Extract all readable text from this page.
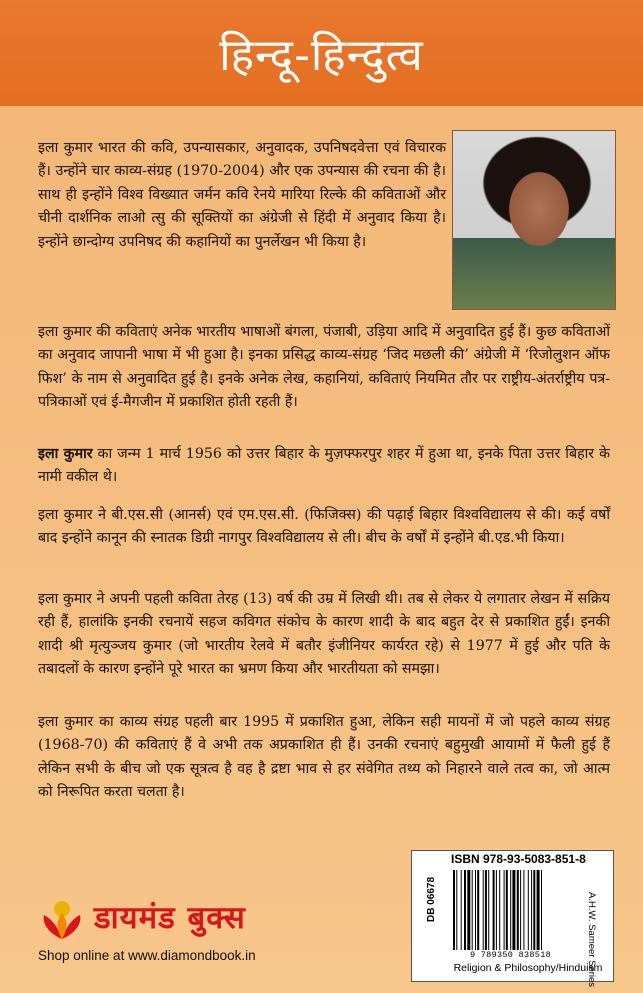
हिन्दू-हिन्दुत्व

इला कुमार भारत की कवि, उपन्यासकार, अनुवादक, उपनिषदवेत्ता एवं विचारक हैं। उन्होंने चार काव्य-संग्रह (1970-2004) और एक उपन्यास की रचना की है। साथ ही इन्होंने विश्व विख्यात जर्मन कवि रेनये मारिया रिल्के की कविताओं और चीनी दार्शनिक लाओ त्सु की सूक्तियों का अंग्रेजी से हिंदी में अनुवाद किया है। इन्होंने छान्दोग्य उपनिषद की कहानियों का पुनर्लेखन भी किया है।

इला कुमार की कविताएं अनेक भारतीय भाषाओं बंगला, पंजाबी, उड़िया आदि में अनुवादित हुई हैं। कुछ कविताओं का अनुवाद जापानी भाषा में भी हुआ है। इनका प्रसिद्ध काव्य-संग्रह ‘जिद मछली की’ अंग्रेजी में ‘रिजोलुशन ऑफ फिश’ के नाम से अनुवादित हुई है। इनके अनेक लेख, कहानियां, कविताएं नियमित तौर पर राष्ट्रीय-अंतर्राष्ट्रीय पत्र-पत्रिकाओं एवं ई-मैगजीन में प्रकाशित होती रहती हैं।

इला कुमार का जन्म 1 मार्च 1956 को उत्तर बिहार के मुज़फ्फरपुर शहर में हुआ था, इनके पिता उत्तर बिहार के नामी वकील थे।

इला कुमार ने बी.एस.सी (आनर्स) एवं एम.एस.सी. (फिजिक्स) की पढ़ाई बिहार विश्वविद्यालय से की। कई वर्षों बाद इन्होंने कानून की स्नातक डिग्री नागपुर विश्वविद्यालय से ली। बीच के वर्षों में इन्होंने बी.एड.भी किया।

इला कुमार ने अपनी पहली कविता तेरह (13) वर्ष की उम्र में लिखी थी। तब से लेकर ये लगातार लेखन में सक्रिय रही हैं, हालांकि इनकी रचनायें सहज कविगत संकोच के कारण शादी के बाद बहुत देर से प्रकाशित हुईं। इनकी शादी श्री मृत्युञ्जय कुमार (जो भारतीय रेलवे में बतौर इंजीनियर कार्यरत रहे) से 1977 में हुई और पति के तबादलों के कारण इन्होंने पूरे भारत का भ्रमण किया और भारतीयता को समझा।

इला कुमार का काव्य संग्रह पहली बार 1995 में प्रकाशित हुआ, लेकिन सही मायनों में जो पहले काव्य संग्रह (1968-70) की कविताएं हैं वे अभी तक अप्रकाशित ही हैं। उनकी रचनाएं बहुमुखी आयामों में फैली हुई हैं लेकिन सभी के बीच जो एक सूत्रत्व है वह है द्रष्टा भाव से हर संवेगित तथ्य को निहारने वाले तत्व का, जो आत्म को निरूपित करता चलता है।

डायमंड बुक्स
Shop online at www.diamondbook.in
ISBN 978-93-5083-851-8
DB 06678
9 789350 838518
Religion & Philosophy/Hinduism
